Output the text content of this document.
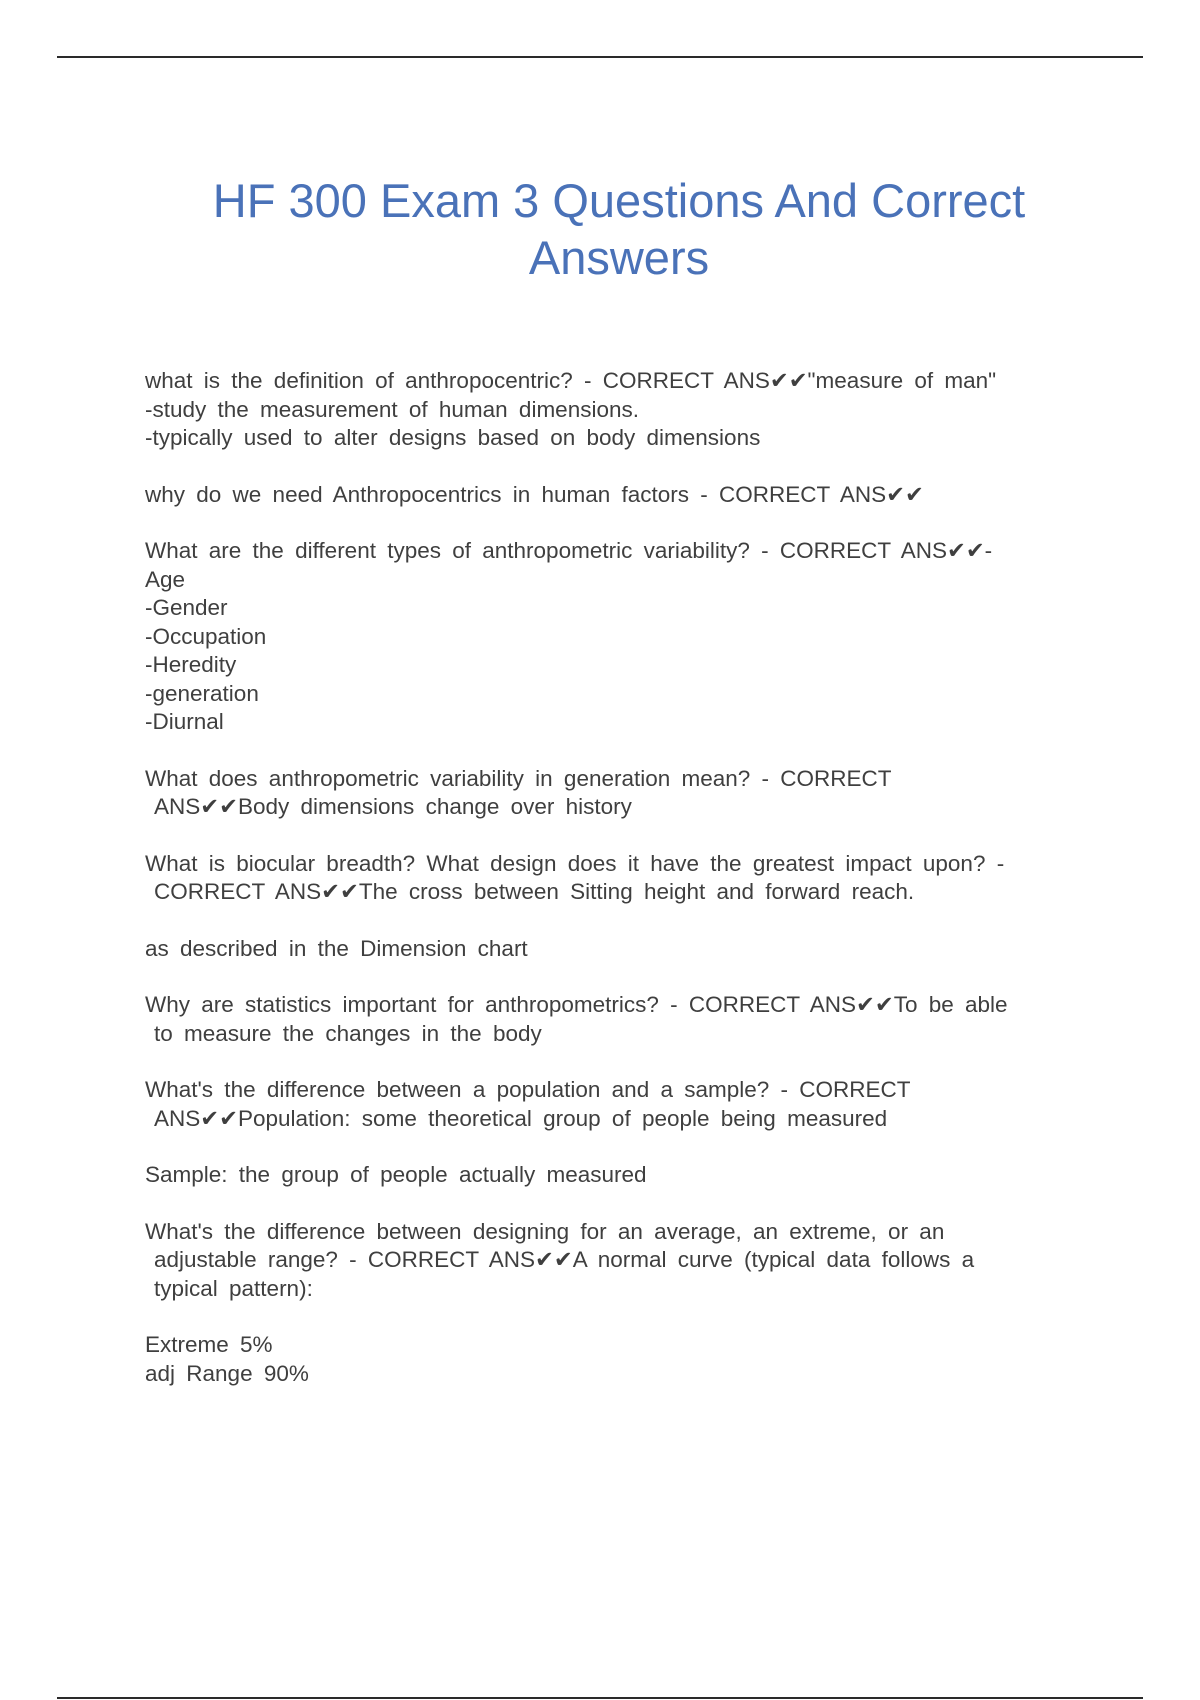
HF 300 Exam 3 Questions And Correct
Answers
what is the definition of anthropocentric? - CORRECT ANS✔✔"measure of man"
-study the measurement of human dimensions.
-typically used to alter designs based on body dimensions
why do we need Anthropocentrics in human factors - CORRECT ANS✔✔
What are the different types of anthropometric variability? - CORRECT ANS✔✔-
Age
-Gender
-Occupation
-Heredity
-generation
-Diurnal
What does anthropometric variability in generation mean? - CORRECT
ANS✔✔Body dimensions change over history
What is biocular breadth? What design does it have the greatest impact upon? -
CORRECT ANS✔✔The cross between Sitting height and forward reach.
as described in the Dimension chart
Why are statistics important for anthropometrics? - CORRECT ANS✔✔To be able
to measure the changes in the body
What's the difference between a population and a sample? - CORRECT
ANS✔✔Population: some theoretical group of people being measured
Sample: the group of people actually measured
What's the difference between designing for an average, an extreme, or an
adjustable range? - CORRECT ANS✔✔A normal curve (typical data follows a
typical pattern):
Extreme 5%
adj Range 90%
